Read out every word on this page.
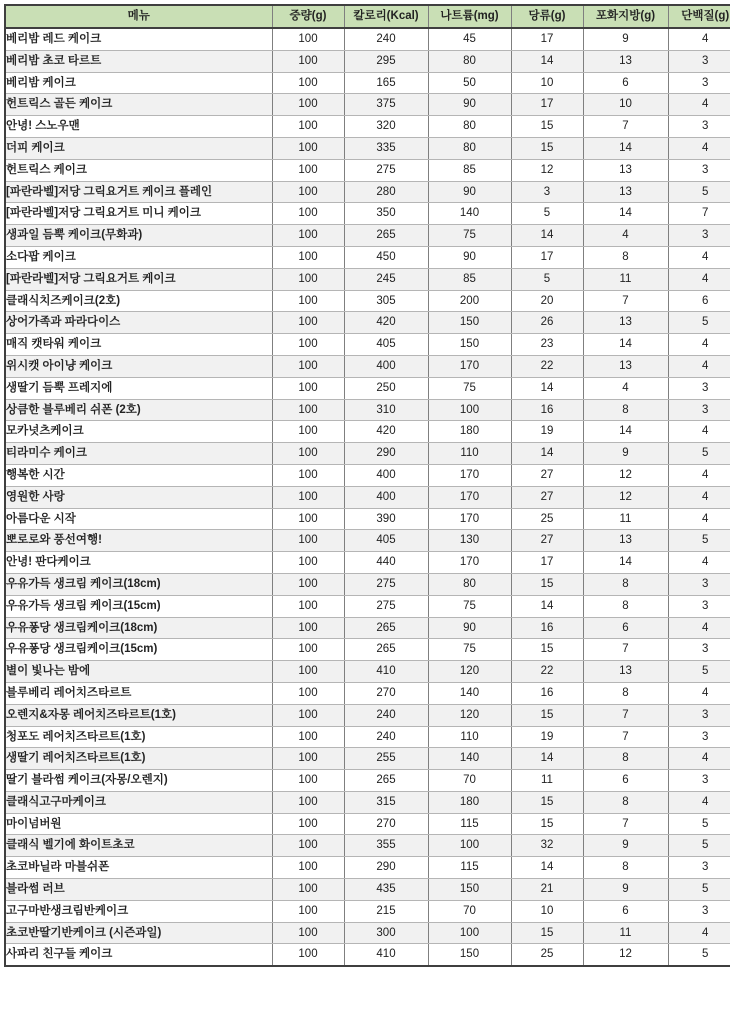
메뉴	중량(g)	칼로리(Kcal)	나트륨(mg)	당류(g)	포화지방(g)	단백질(g)
베리밤 레드 케이크	100	240	45	17	9	4
베리밤 초코 타르트	100	295	80	14	13	3
베리밤 케이크	100	165	50	10	6	3
헌트릭스 골든 케이크	100	375	90	17	10	4
안녕! 스노우맨	100	320	80	15	7	3
더피 케이크	100	335	80	15	14	4
헌트릭스 케이크	100	275	85	12	13	3
[파란라벨]저당 그릭요거트 케이크 플레인	100	280	90	3	13	5
[파란라벨]저당 그릭요거트 미니 케이크	100	350	140	5	14	7
생과일 듬뿍 케이크(무화과)	100	265	75	14	4	3
소다팝 케이크	100	450	90	17	8	4
[파란라벨]저당 그릭요거트 케이크	100	245	85	5	11	4
클래식치즈케이크(2호)	100	305	200	20	7	6
상어가족과 파라다이스	100	420	150	26	13	5
매직 캣타워 케이크	100	405	150	23	14	4
위시캣 아이냥 케이크	100	400	170	22	13	4
생딸기 듬뿍 프레지에	100	250	75	14	4	3
상큼한 블루베리 쉬폰 (2호)	100	310	100	16	8	3
모카넛츠케이크	100	420	180	19	14	4
티라미수 케이크	100	290	110	14	9	5
행복한 시간	100	400	170	27	12	4
영원한 사랑	100	400	170	27	12	4
아름다운 시작	100	390	170	25	11	4
뽀로로와 풍선여행!	100	405	130	27	13	5
안녕! 판다케이크	100	440	170	17	14	4
우유가득 생크림 케이크(18cm)	100	275	80	15	8	3
우유가득 생크림 케이크(15cm)	100	275	75	14	8	3
우유퐁당 생크림케이크(18cm)	100	265	90	16	6	4
우유퐁당 생크림케이크(15cm)	100	265	75	15	7	3
별이 빛나는 밤에	100	410	120	22	13	5
블루베리 레어치즈타르트	100	270	140	16	8	4
오렌지&자몽 레어치즈타르트(1호)	100	240	120	15	7	3
청포도 레어치즈타르트(1호)	100	240	110	19	7	3
생딸기 레어치즈타르트(1호)	100	255	140	14	8	4
딸기 블라썸 케이크(자몽/오렌지)	100	265	70	11	6	3
클래식고구마케이크	100	315	180	15	8	4
마이넘버원	100	270	115	15	7	5
클래식 벨기에 화이트초코	100	355	100	32	9	5
초코바닐라 마블쉬폰	100	290	115	14	8	3
블라썸 러브	100	435	150	21	9	5
고구마반생크림반케이크	100	215	70	10	6	3
초코반딸기반케이크 (시즌과일)	100	300	100	15	11	4
사파리 친구들 케이크	100	410	150	25	12	5
